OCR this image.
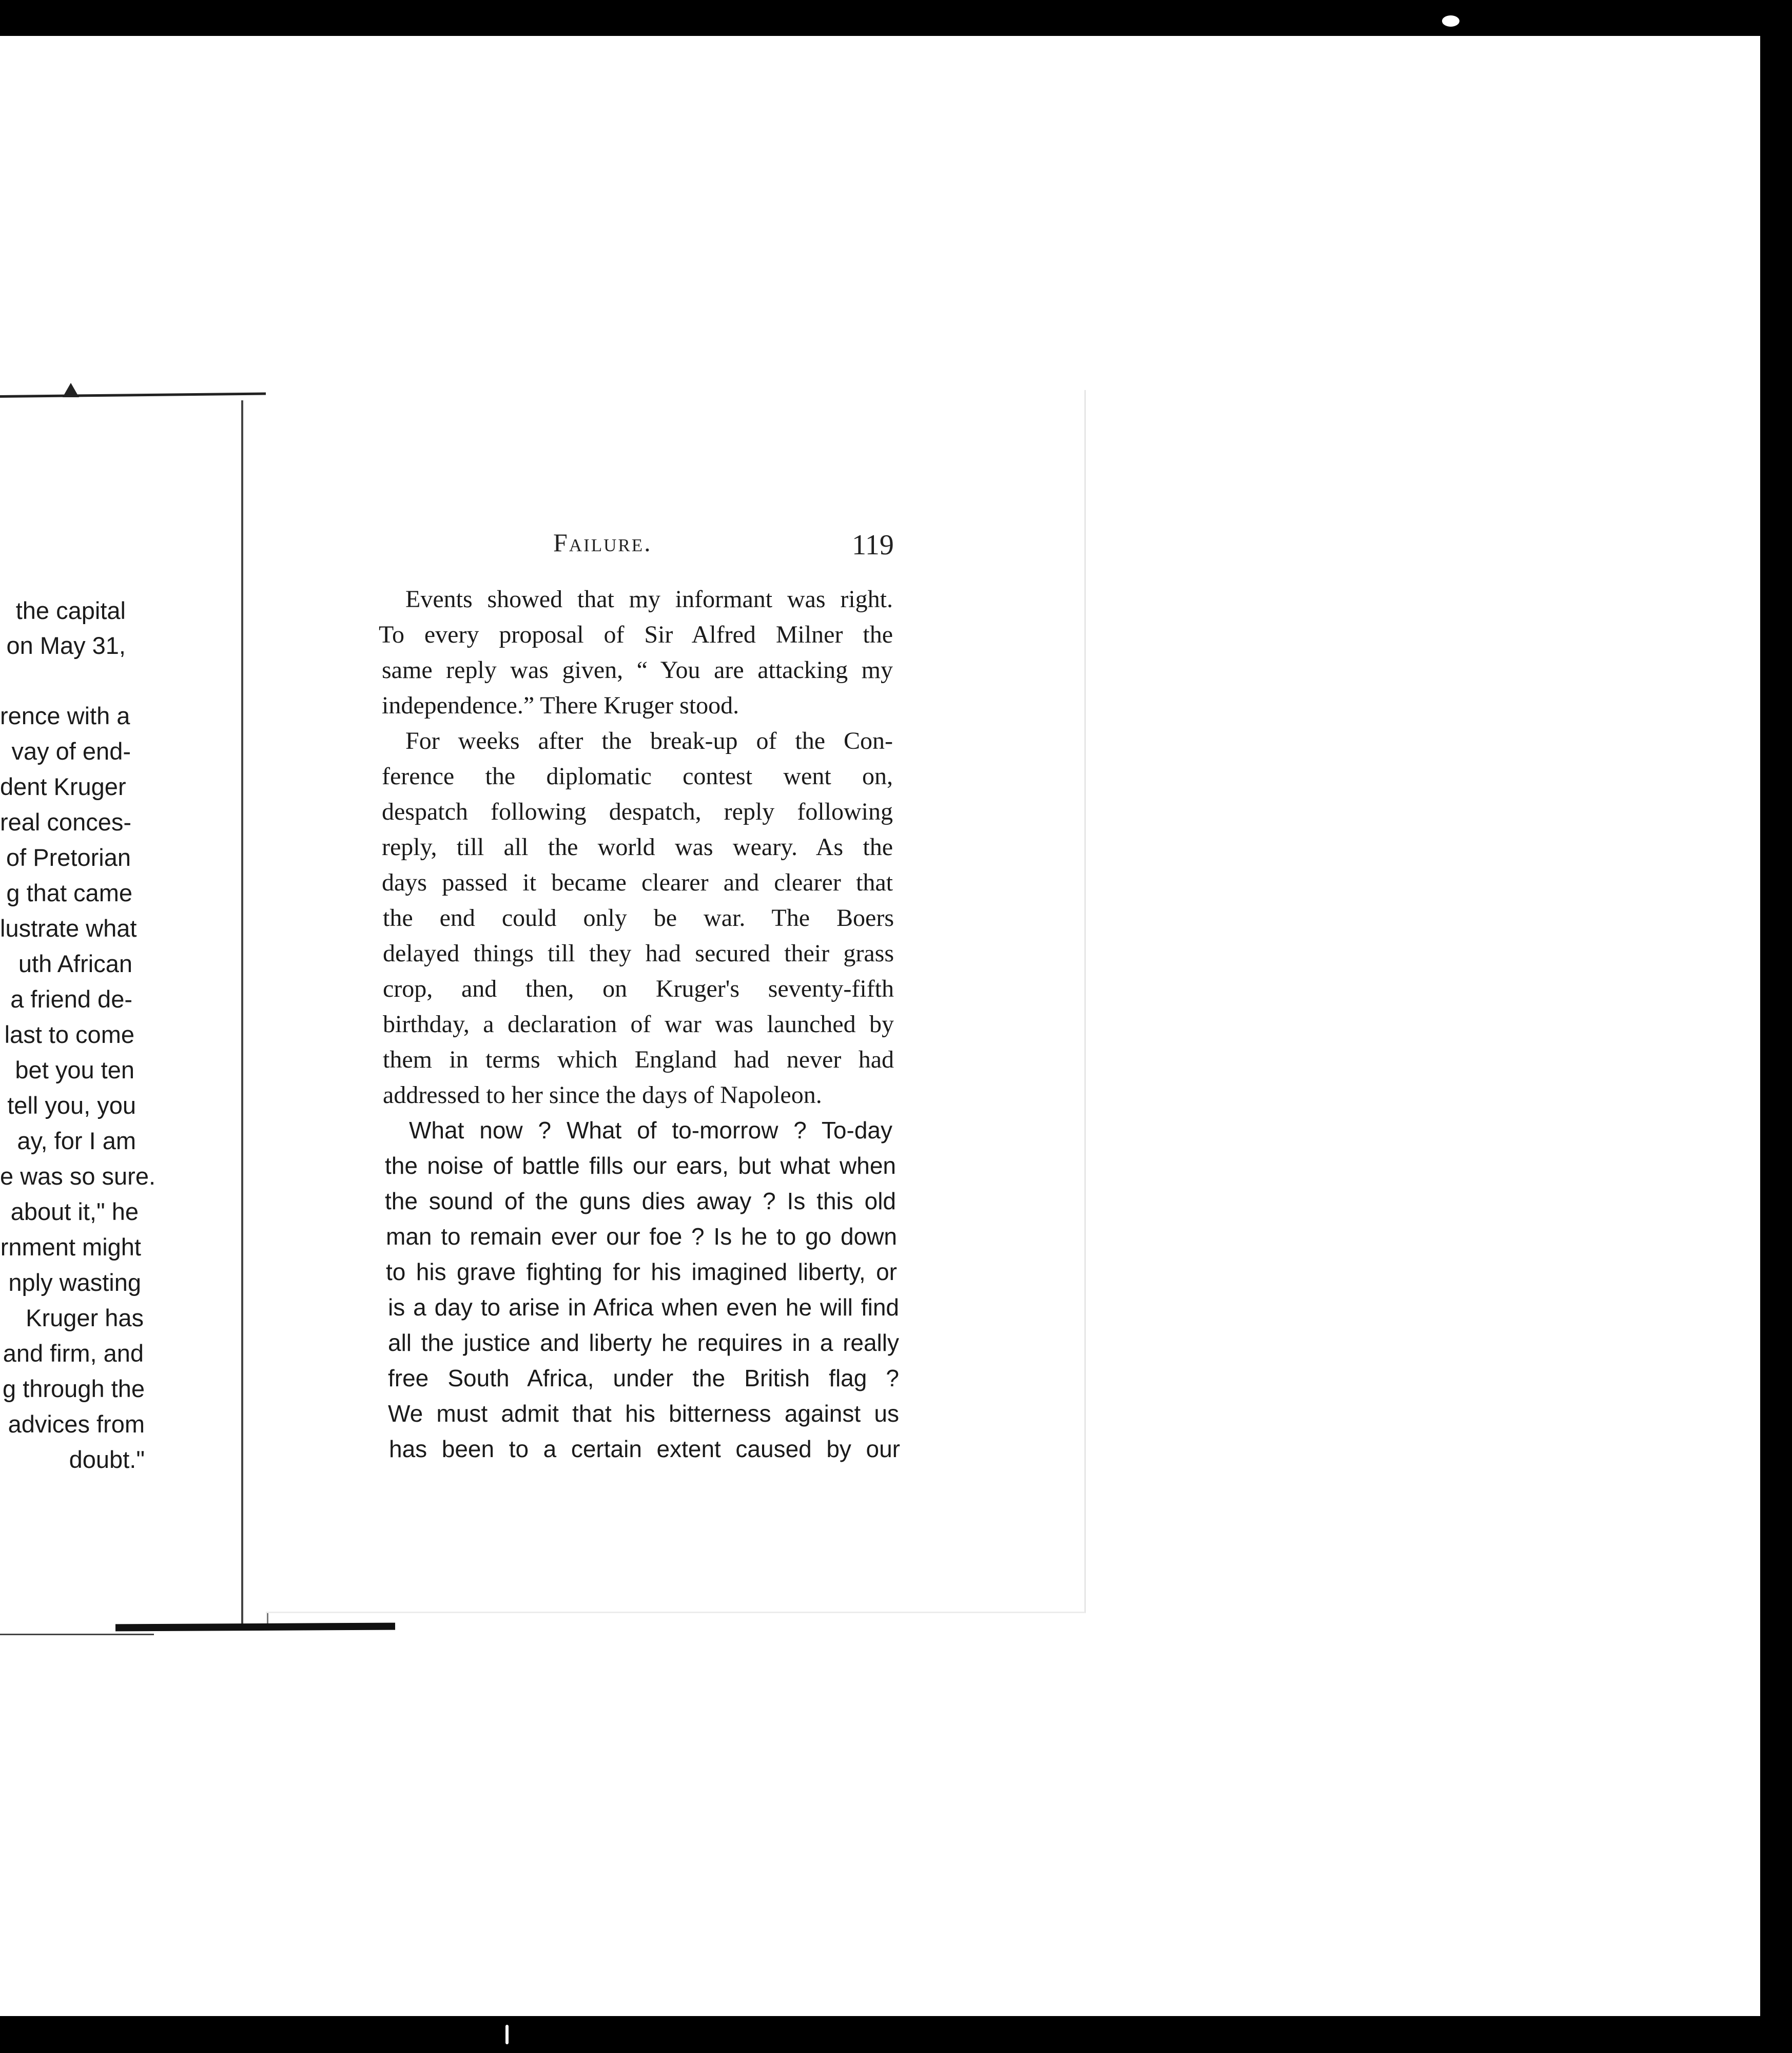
the capital
on May 31,
rence with a
vay of end-
dent Kruger
real conces-
of Pretorian
g that came
lustrate what
uth African
a friend de-
last to come
bet you ten
tell you, you
ay, for I am
e was so sure.
about it," he
rnment might
nply wasting
Kruger has
and firm, and
g through the
advices from
doubt."
Failure.	119
Events showed that my informant was right.
To every proposal of Sir Alfred Milner the
same reply was given, “ You are attacking my
independence.” There Kruger stood.
For weeks after the break-up of the Con-
ference the diplomatic contest went on,
despatch following despatch, reply following
reply, till all the world was weary. As the
days passed it became clearer and clearer that
the end could only be war. The Boers
delayed things till they had secured their grass
crop, and then, on Kruger's seventy-fifth
birthday, a declaration of war was launched by
them in terms which England had never had
addressed to her since the days of Napoleon.
What now ? What of to-morrow ? To-day
the noise of battle fills our ears, but what when
the sound of the guns dies away ? Is this old
man to remain ever our foe ? Is he to go down
to his grave fighting for his imagined liberty, or
is a day to arise in Africa when even he will find
all the justice and liberty he requires in a really
free South Africa, under the British flag ?
We must admit that his bitterness against us
has been to a certain extent caused by our
